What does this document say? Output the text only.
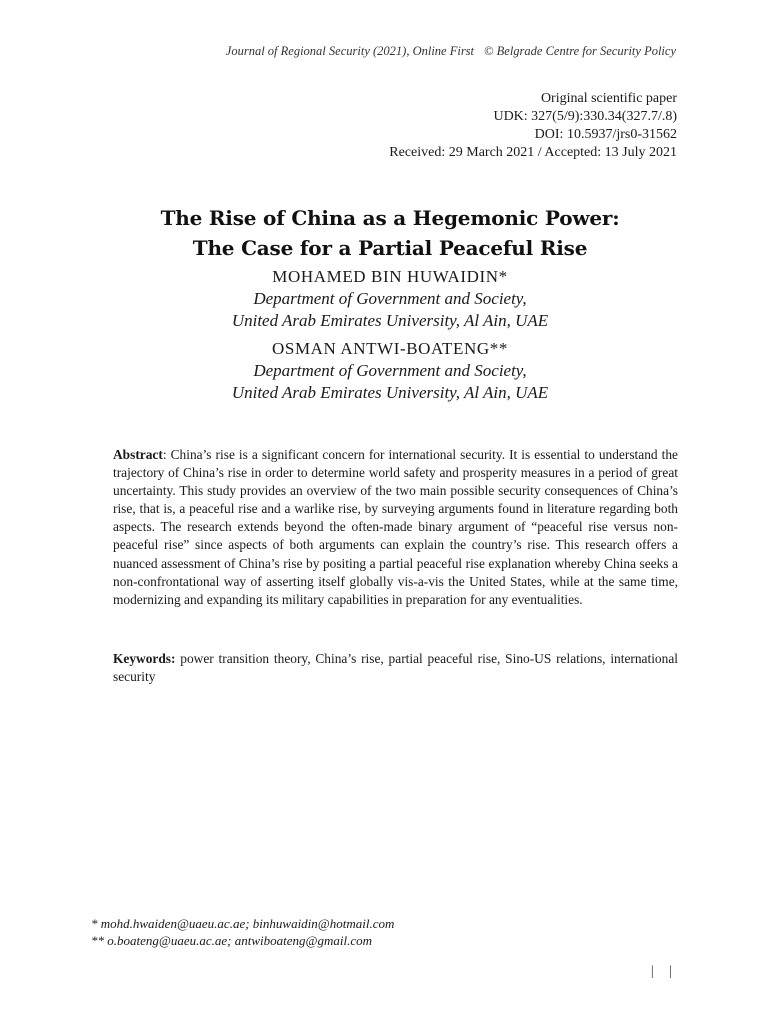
Journal of Regional Security (2021), Online First © Belgrade Centre for Security Policy
Original scientific paper
UDK: 327(5/9):330.34(327.7/.8)
DOI: 10.5937/jrs0-31562
Received: 29 March 2021 / Accepted: 13 July 2021
The Rise of China as a Hegemonic Power:
The Case for a Partial Peaceful Rise
MOHAMED BIN HUWAIDIN*
Department of Government and Society,
United Arab Emirates University, Al Ain, UAE
OSMAN ANTWI-BOATENG**
Department of Government and Society,
United Arab Emirates University, Al Ain, UAE
Abstract: China’s rise is a significant concern for international security. It is essential to understand the trajectory of China’s rise in order to determine world safety and prosperity measures in a period of great uncertainty. This study provides an overview of the two main possible security consequences of China’s rise, that is, a peaceful rise and a warlike rise, by surveying arguments found in literature regarding both aspects. The research extends beyond the often-made binary argument of “peaceful rise versus non-peaceful rise” since aspects of both arguments can explain the country’s rise. This research offers a nuanced assessment of China’s rise by positing a partial peaceful rise explanation whereby China seeks a non-confrontational way of asserting itself globally vis-a-vis the United States, while at the same time, modernizing and expanding its military capabilities in preparation for any eventualities.
Keywords: power transition theory, China’s rise, partial peaceful rise, Sino-US relations, international security
* mohd.hwaiden@uaeu.ac.ae; binhuwaidin@hotmail.com
** o.boateng@uaeu.ac.ae; antwiboateng@gmail.com
| |
